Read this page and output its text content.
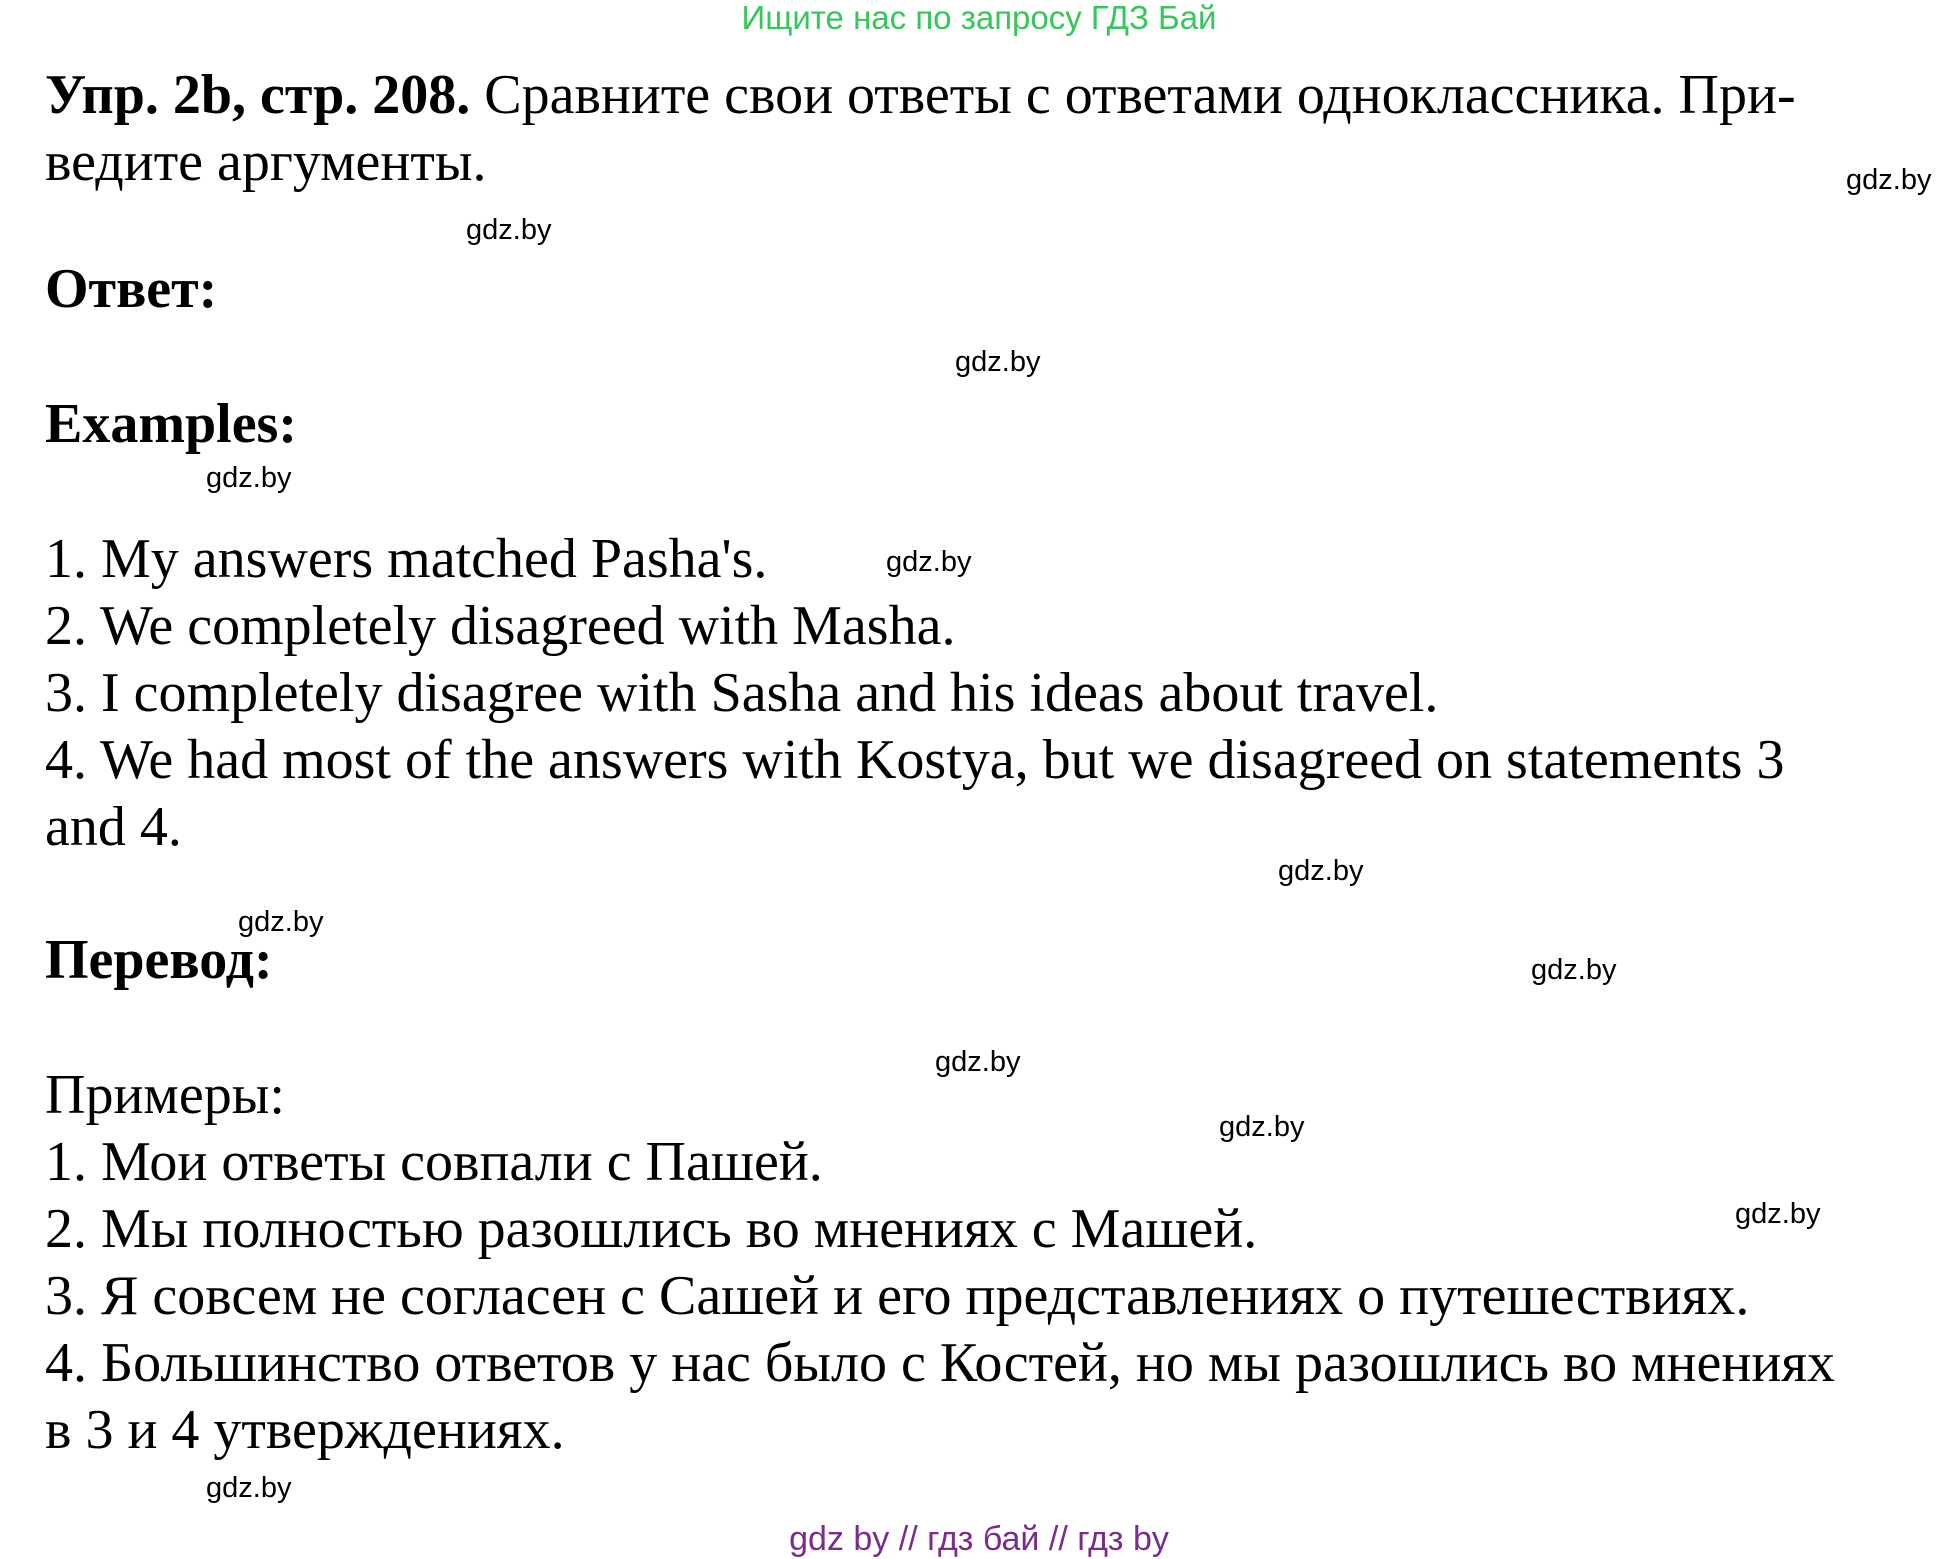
Ищите нас по запросу ГДЗ Бай
Упр. 2b, стр. 208. Сравните свои ответы с ответами одноклассника. При-
ведите аргументы.
Ответ:
Examples:
1. My answers matched Pasha's.
2. We completely disagreed with Masha.
3. I completely disagree with Sasha and his ideas about travel.
4. We had most of the answers with Kostya, but we disagreed on statements 3
and 4.
Перевод:
Примеры:
1. Мои ответы совпали с Пашей.
2. Мы полностью разошлись во мнениях с Машей.
3. Я совсем не согласен с Сашей и его представлениях о путешествиях.
4. Большинство ответов у нас было с Костей, но мы разошлись во мнениях
в 3 и 4 утверждениях.
gdz.by
gdz.by
gdz.by
gdz.by
gdz.by
gdz.by
gdz.by
gdz.by
gdz.by
gdz.by
gdz.by
gdz.by
gdz by // гдз бай // гдз by
